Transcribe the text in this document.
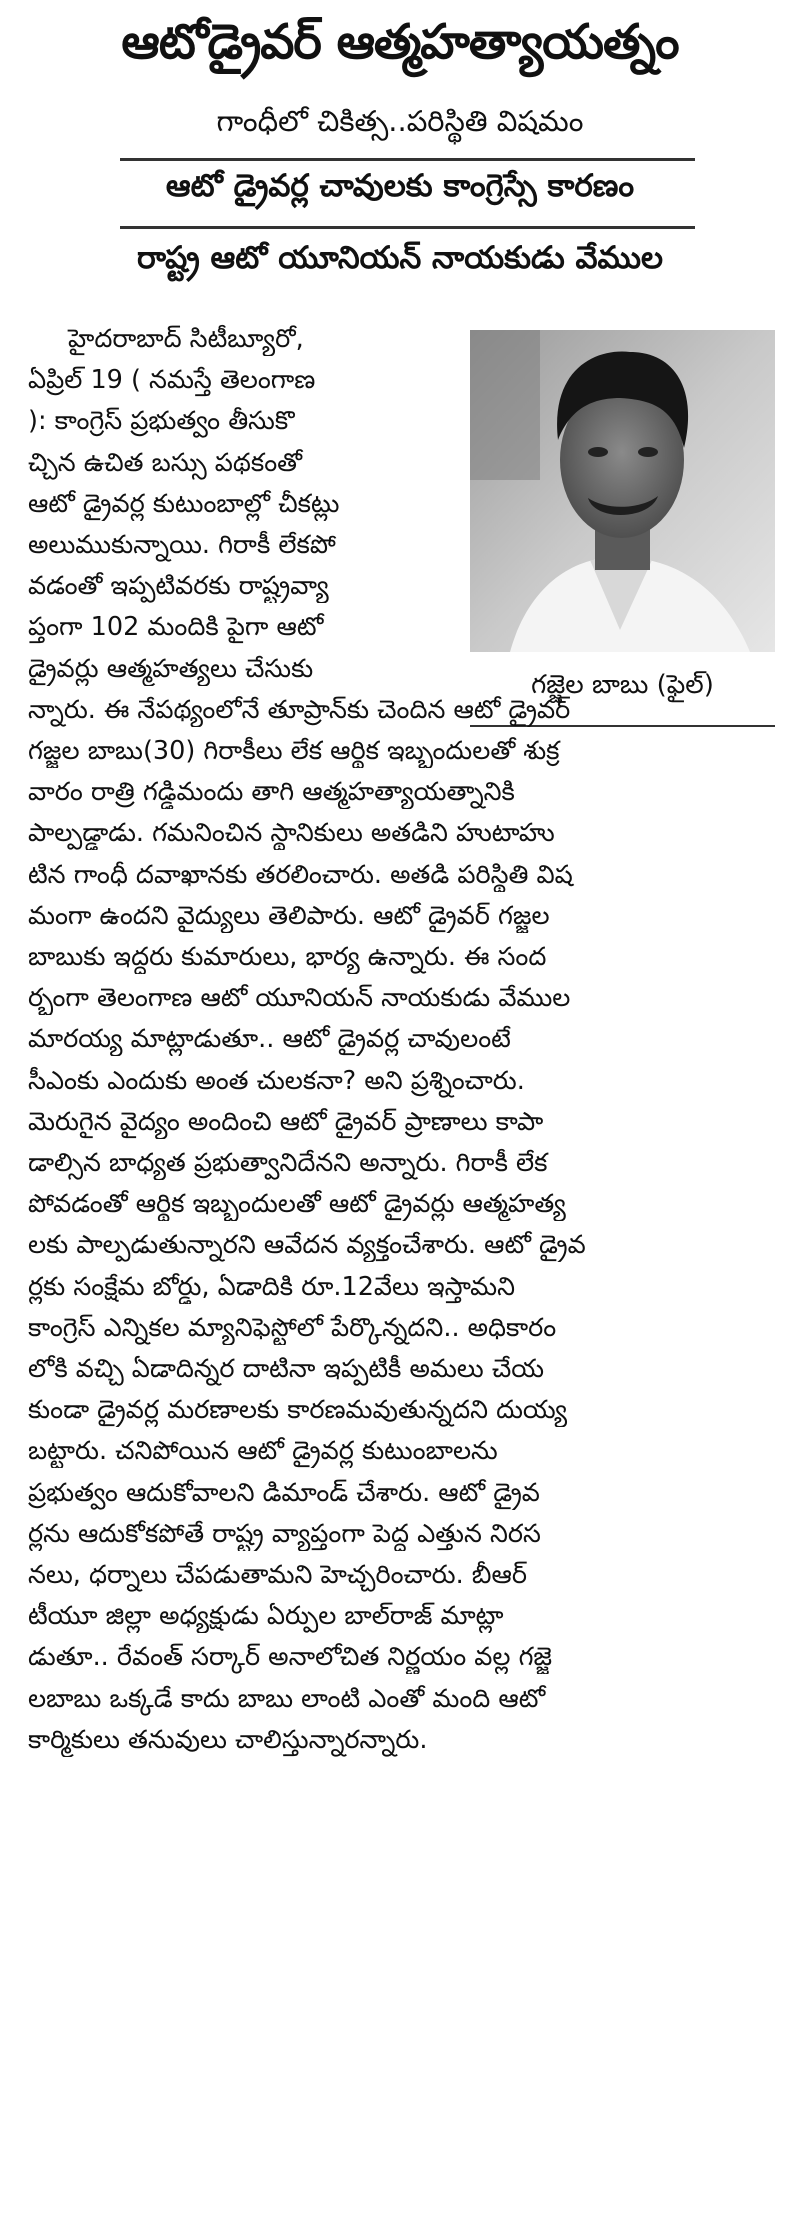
ఆటోడ్రైవర్ ఆత్మహత్యాయత్నం
గాంధీలో చికిత్స..పరిస్థితి విషమం
ఆటో డ్రైవర్ల చావులకు కాంగ్రెస్సే కారణం
రాష్ట్ర ఆటో యూనియన్ నాయకుడు వేముల
గజ్జెల బాబు (ఫైల్)
హైదరాబాద్ సిటీబ్యూరో,
ఏప్రిల్ 19 ( నమస్తే తెలంగాణ
): కాంగ్రెస్ ప్రభుత్వం తీసుకొ
చ్చిన ఉచిత బస్సు పథకంతో
ఆటో డ్రైవర్ల కుటుంబాల్లో చీకట్లు
అలుముకున్నాయి. గిరాకీ లేకపో
వడంతో ఇప్పటివరకు రాష్ట్రవ్యా
ప్తంగా 102 మందికి పైగా ఆటో
డ్రైవర్లు ఆత్మహత్యలు చేసుకు
న్నారు. ఈ నేపథ్యంలోనే తూప్రాన్‌కు చెందిన ఆటో డ్రైవర్
గజ్జల బాబు(30) గిరాకీలు లేక ఆర్థిక ఇబ్బందులతో శుక్ర
వారం రాత్రి గడ్డిమందు తాగి ఆత్మహత్యాయత్నానికి
పాల్పడ్డాడు. గమనించిన స్థానికులు అతడిని హుటాహు
టిన గాంధీ దవాఖానకు తరలించారు. అతడి పరిస్థితి విష
మంగా ఉందని వైద్యులు తెలిపారు. ఆటో డ్రైవర్ గజ్జల
బాబుకు ఇద్దరు కుమారులు, భార్య ఉన్నారు. ఈ సంద
ర్భంగా తెలంగాణ ఆటో యూనియన్ నాయకుడు వేముల
మారయ్య మాట్లాడుతూ.. ఆటో డ్రైవర్ల చావులంటే
సీఎంకు ఎందుకు అంత చులకనా? అని ప్రశ్నించారు.
మెరుగైన వైద్యం అందించి ఆటో డ్రైవర్ ప్రాణాలు కాపా
డాల్సిన బాధ్యత ప్రభుత్వానిదేనని అన్నారు. గిరాకీ లేక
పోవడంతో ఆర్థిక ఇబ్బందులతో ఆటో డ్రైవర్లు ఆత్మహత్య
లకు పాల్పడుతున్నారని ఆవేదన వ్యక్తంచేశారు. ఆటో డ్రైవ
ర్లకు సంక్షేమ బోర్డు, ఏడాదికి రూ.12వేలు ఇస్తామని
కాంగ్రెస్ ఎన్నికల మ్యానిఫెస్టోలో పేర్కొన్నదని.. అధికారం
లోకి వచ్చి ఏడాదిన్నర దాటినా ఇప్పటికీ అమలు చేయ
కుండా డ్రైవర్ల మరణాలకు కారణమవుతున్నదని దుయ్య
బట్టారు. చనిపోయిన ఆటో డ్రైవర్ల కుటుంబాలను
ప్రభుత్వం ఆదుకోవాలని డిమాండ్ చేశారు. ఆటో డ్రైవ
ర్లను ఆదుకోకపోతే రాష్ట్ర వ్యాప్తంగా పెద్ద ఎత్తున నిరస
నలు, ధర్నాలు చేపడుతామని హెచ్చరించారు. బీఆర్
టీయూ జిల్లా అధ్యక్షుడు ఏర్పుల బాల్‌రాజ్ మాట్లా
డుతూ.. రేవంత్ సర్కార్ అనాలోచిత నిర్ణయం వల్ల గజ్జె
లబాబు ఒక్కడే కాదు బాబు లాంటి ఎంతో మంది ఆటో
కార్మికులు తనువులు చాలిస్తున్నారన్నారు.
